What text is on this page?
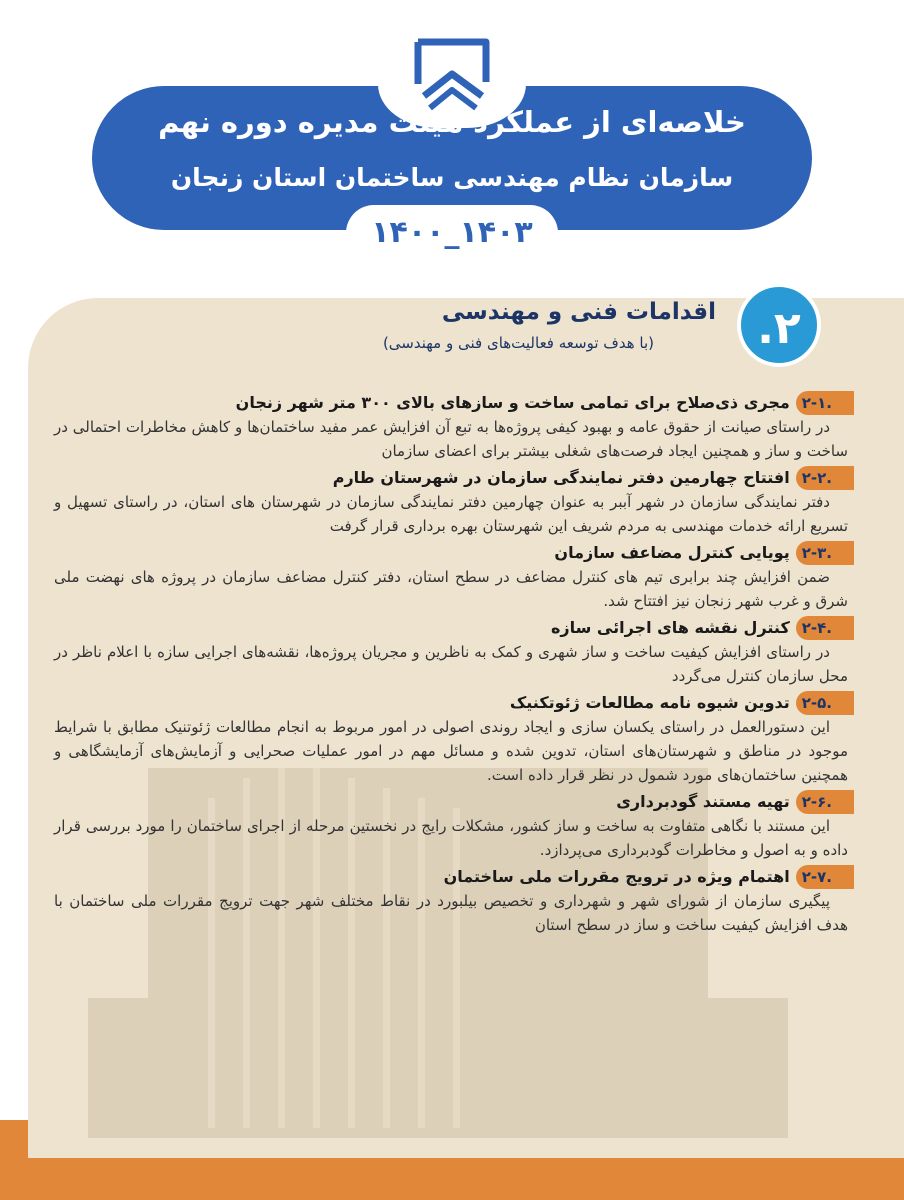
خلاصه‌ای از عملکرد هیئت مدیره دوره نهم
سازمان نظام مهندسی ساختمان استان زنجان
۱۴۰۰_۱۴۰۳
.۲
اقدامات فنی و مهندسی
(با هدف توسعه فعالیت‌های فنی و مهندسی)
۲-۱.مجری ذی‌صلاح برای تمامی ساخت و سازهای بالای ۳۰۰ متر شهر زنجان
در راستای صیانت از حقوق عامه و بهبود کیفی پروژه‌ها به تبع آن افزایش عمر مفید ساختمان‌ها و کاهش مخاطرات احتمالی در ساخت و ساز و همچنین ایجاد فرصت‌های شغلی بیشتر برای اعضای سازمان
۲-۲.افتتاح چهارمین دفتر نمایندگی سازمان در شهرستان طارم
دفتر نمایندگی سازمان در شهر آببر به عنوان چهارمین دفتر نمایندگی سازمان در شهرستان های استان، در راستای تسهیل و تسریع ارائه خدمات مهندسی به مردم شریف این شهرستان بهره برداری قرار گرفت
۲-۳.پویایی کنترل مضاعف سازمان
ضمن افزایش چند برابری تیم های کنترل مضاعف در سطح استان، دفتر کنترل مضاعف سازمان در پروژه های نهضت ملی شرق و غرب شهر زنجان نیز افتتاح شد.
۲-۴.کنترل نقشه های اجرائی سازه
در راستای افزایش کیفیت ساخت و ساز شهری و کمک به ناظرین و مجریان پروژه‌ها، نقشه‌های اجرایی سازه با اعلام ناظر در محل سازمان کنترل می‌گردد
۲-۵.تدوین شیوه نامه مطالعات ژئوتکنیک
این دستورالعمل در راستای یکسان سازی و ایجاد روندی اصولی در امور مربوط به انجام مطالعات ژئوتنیک مطابق با شرایط موجود در مناطق و شهرستان‌های استان، تدوین شده و مسائل مهم در امور عملیات صحرایی و آزمایش‌های آزمایشگاهی و همچنین ساختمان‌های مورد شمول در نظر قرار داده است.
۲-۶.تهیه مستند گودبرداری
این مستند با نگاهی متفاوت به ساخت و ساز کشور، مشکلات رایج در نخستین مرحله از اجرای ساختمان را مورد بررسی قرار داده و به اصول و مخاطرات گودبرداری می‌پردازد.
۲-۷.اهتمام ویژه در ترویج مقررات ملی ساختمان
پیگیری سازمان از شورای شهر و شهرداری و تخصیص بیلبورد در نقاط مختلف شهر جهت ترویج مقررات ملی ساختمان با هدف افزایش کیفیت ساخت و ساز در سطح استان
